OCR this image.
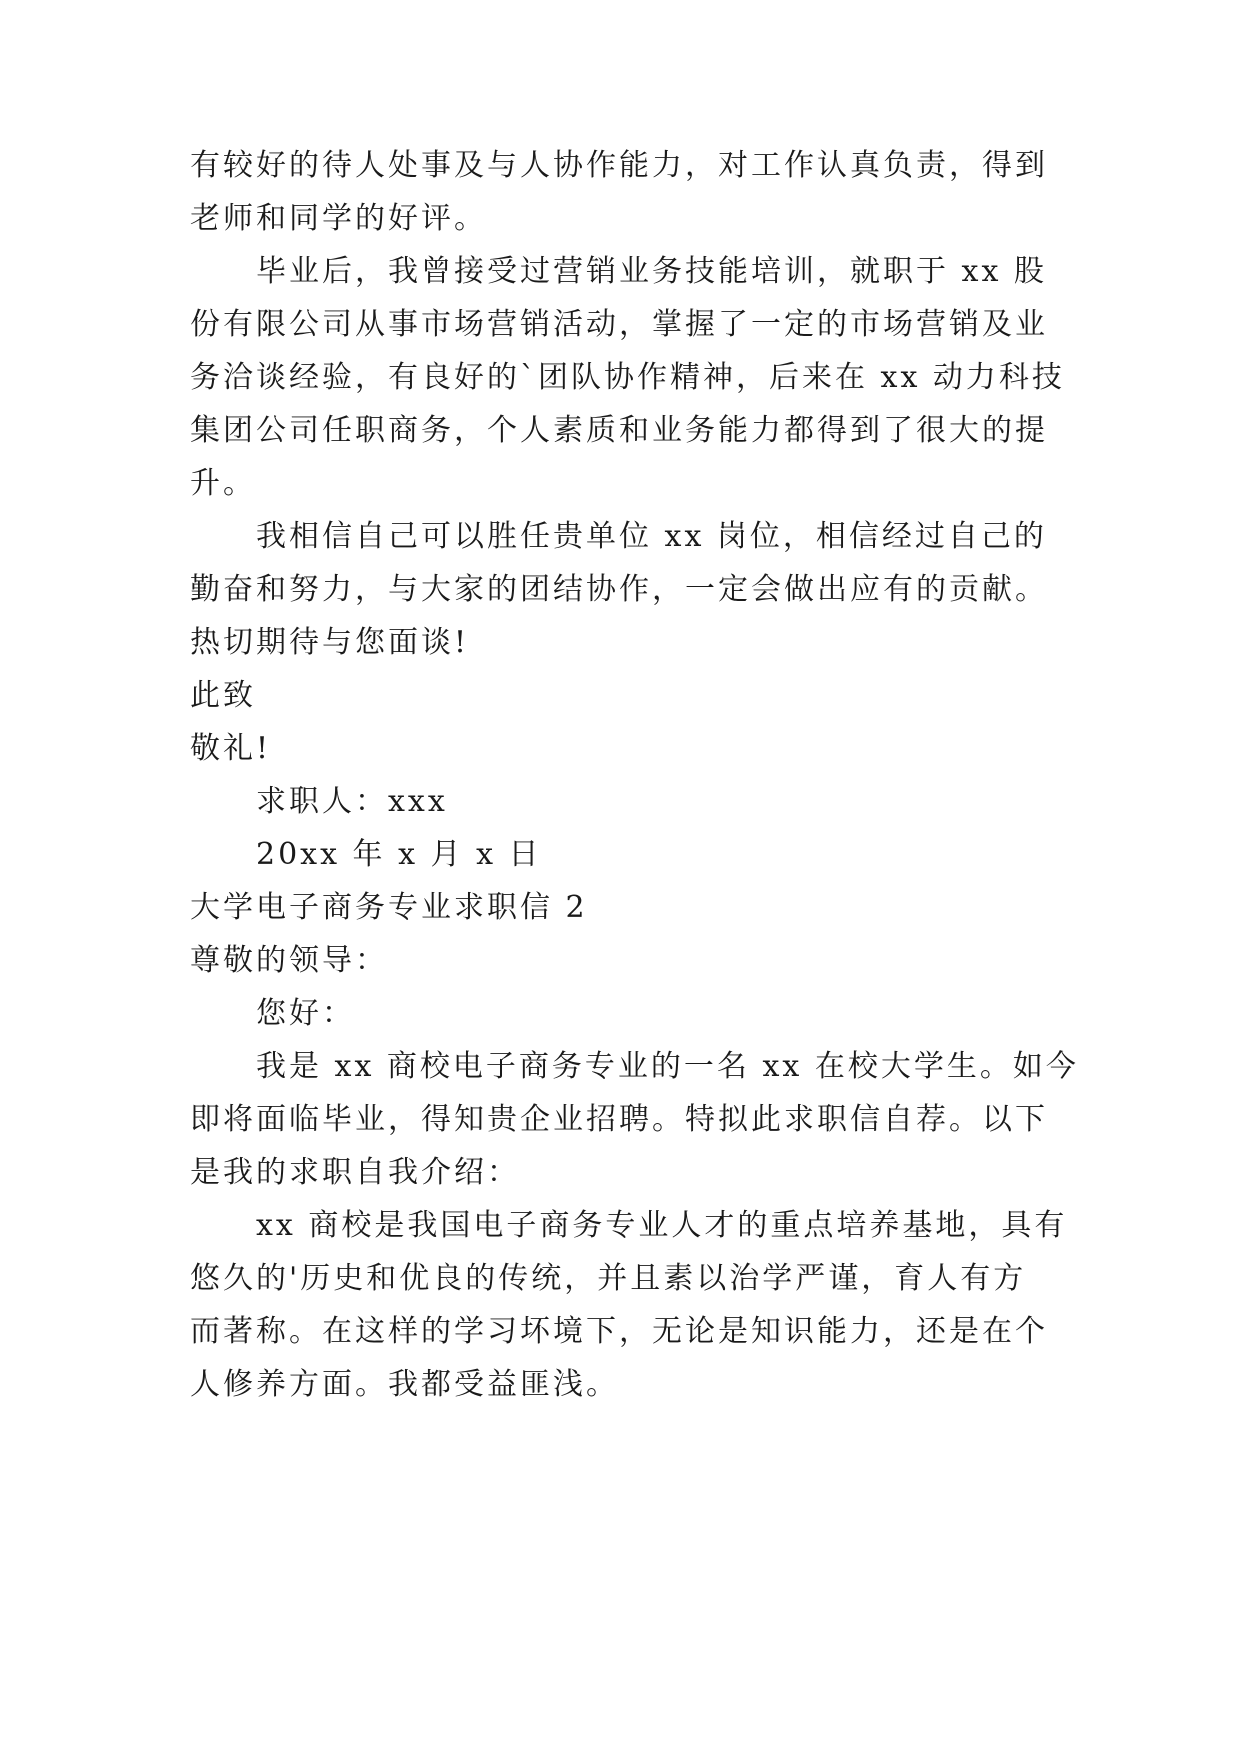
有较好的待人处事及与人协作能力，对工作认真负责，得到
老师和同学的好评。
毕业后，我曾接受过营销业务技能培训，就职于 xx 股
份有限公司从事市场营销活动，掌握了一定的市场营销及业
务洽谈经验，有良好的`团队协作精神，后来在 xx 动力科技
集团公司任职商务，个人素质和业务能力都得到了很大的提
升。
我相信自己可以胜任贵单位 xx 岗位，相信经过自己的
勤奋和努力，与大家的团结协作，一定会做出应有的贡献。
热切期待与您面谈!
此致
敬礼!
求职人：xxx
20xx 年 x 月 x 日
大学电子商务专业求职信 2
尊敬的领导：
您好：
我是 xx 商校电子商务专业的一名 xx 在校大学生。如今
即将面临毕业，得知贵企业招聘。特拟此求职信自荐。以下
是我的求职自我介绍：
xx 商校是我国电子商务专业人才的重点培养基地，具有
悠久的'历史和优良的传统，并且素以治学严谨，育人有方
而著称。在这样的学习坏境下，无论是知识能力，还是在个
人修养方面。我都受益匪浅。
